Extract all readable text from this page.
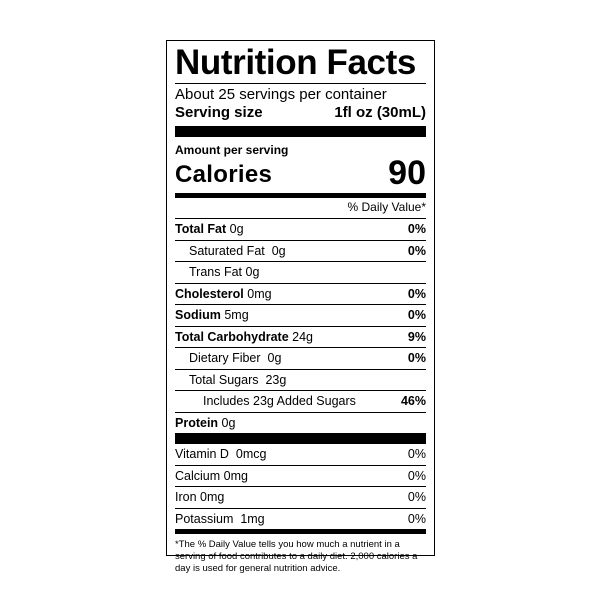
Nutrition Facts
About 25 servings per container
Serving size	1fl oz (30mL)
Amount per serving
Calories	90
% Daily Value*
Total Fat 0g	0%
Saturated Fat 0g	0%
Trans Fat 0g
Cholesterol 0mg	0%
Sodium 5mg	0%
Total Carbohydrate 24g	9%
Dietary Fiber 0g	0%
Total Sugars 23g
Includes 23g Added Sugars	46%
Protein 0g
Vitamin D 0mcg	0%
Calcium 0mg	0%
Iron 0mg	0%
Potassium 1mg	0%
*The % Daily Value tells you how much a nutrient in a serving of food contributes to a daily diet. 2,000 calories a day is used for general nutrition advice.
